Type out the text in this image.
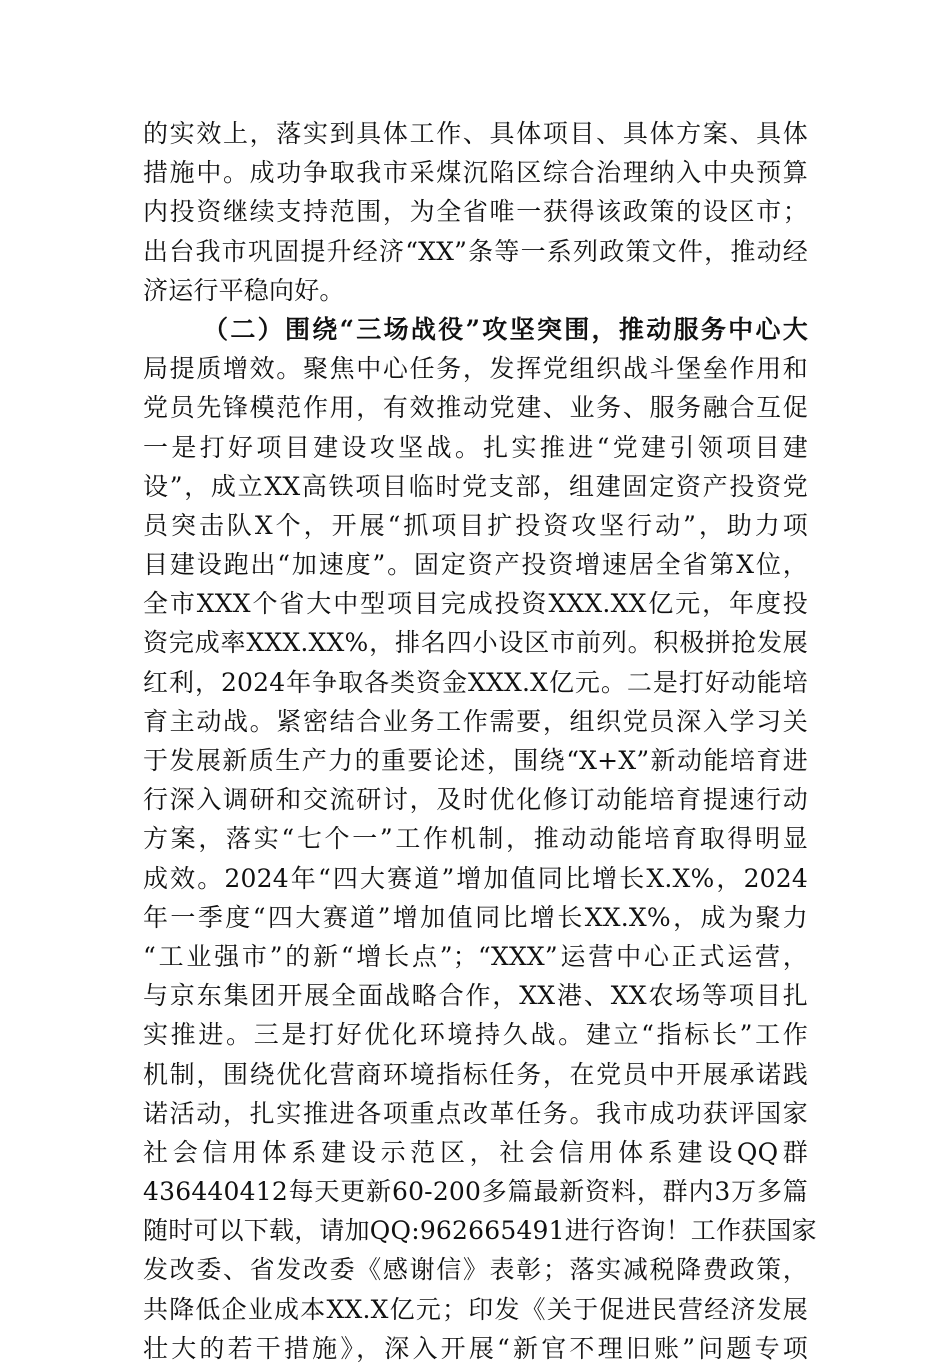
的实效上，落实到具体工作、具体项目、具体方案、具体
措施中。成功争取我市采煤沉陷区综合治理纳入中央预算
内投资继续支持范围，为全省唯一获得该政策的设区市；
出台我市巩固提升经济“XX”条等一系列政策文件，推动经
济运行平稳向好。
（二）围绕“三场战役”攻坚突围，推动服务中心大
局提质增效。聚焦中心任务，发挥党组织战斗堡垒作用和
党员先锋模范作用，有效推动党建、业务、服务融合互促
一是打好项目建设攻坚战。扎实推进“党建引领项目建
设”，成立XX高铁项目临时党支部，组建固定资产投资党
员突击队X个，开展“抓项目扩投资攻坚行动”，助力项
目建设跑出“加速度”。固定资产投资增速居全省第X位，
全市XXX个省大中型项目完成投资XXX.XX亿元，年度投
资完成率XXX.XX%，排名四小设区市前列。积极拼抢发展
红利，2024年争取各类资金XXX.X亿元。二是打好动能培
育主动战。紧密结合业务工作需要，组织党员深入学习关
于发展新质生产力的重要论述，围绕“X+X”新动能培育进
行深入调研和交流研讨，及时优化修订动能培育提速行动
方案，落实“七个一”工作机制，推动动能培育取得明显
成效。2024年“四大赛道”增加值同比增长X.X%，2024
年一季度“四大赛道”增加值同比增长XX.X%，成为聚力
“工业强市”的新“增长点”；“XXX”运营中心正式运营，
与京东集团开展全面战略合作，XX港、XX农场等项目扎
实推进。三是打好优化环境持久战。建立“指标长”工作
机制，围绕优化营商环境指标任务，在党员中开展承诺践
诺活动，扎实推进各项重点改革任务。我市成功获评国家
社会信用体系建设示范区，社会信用体系建设QQ群
436440412每天更新60-200多篇最新资料，群内3万多篇
随时可以下载，请加QQ:962665491进行咨询！工作获国家
发改委、省发改委《感谢信》表彰；落实减税降费政策，
共降低企业成本XX.X亿元；印发《关于促进民营经济发展
壮大的若干措施》，深入开展“新官不理旧账”问题专项
